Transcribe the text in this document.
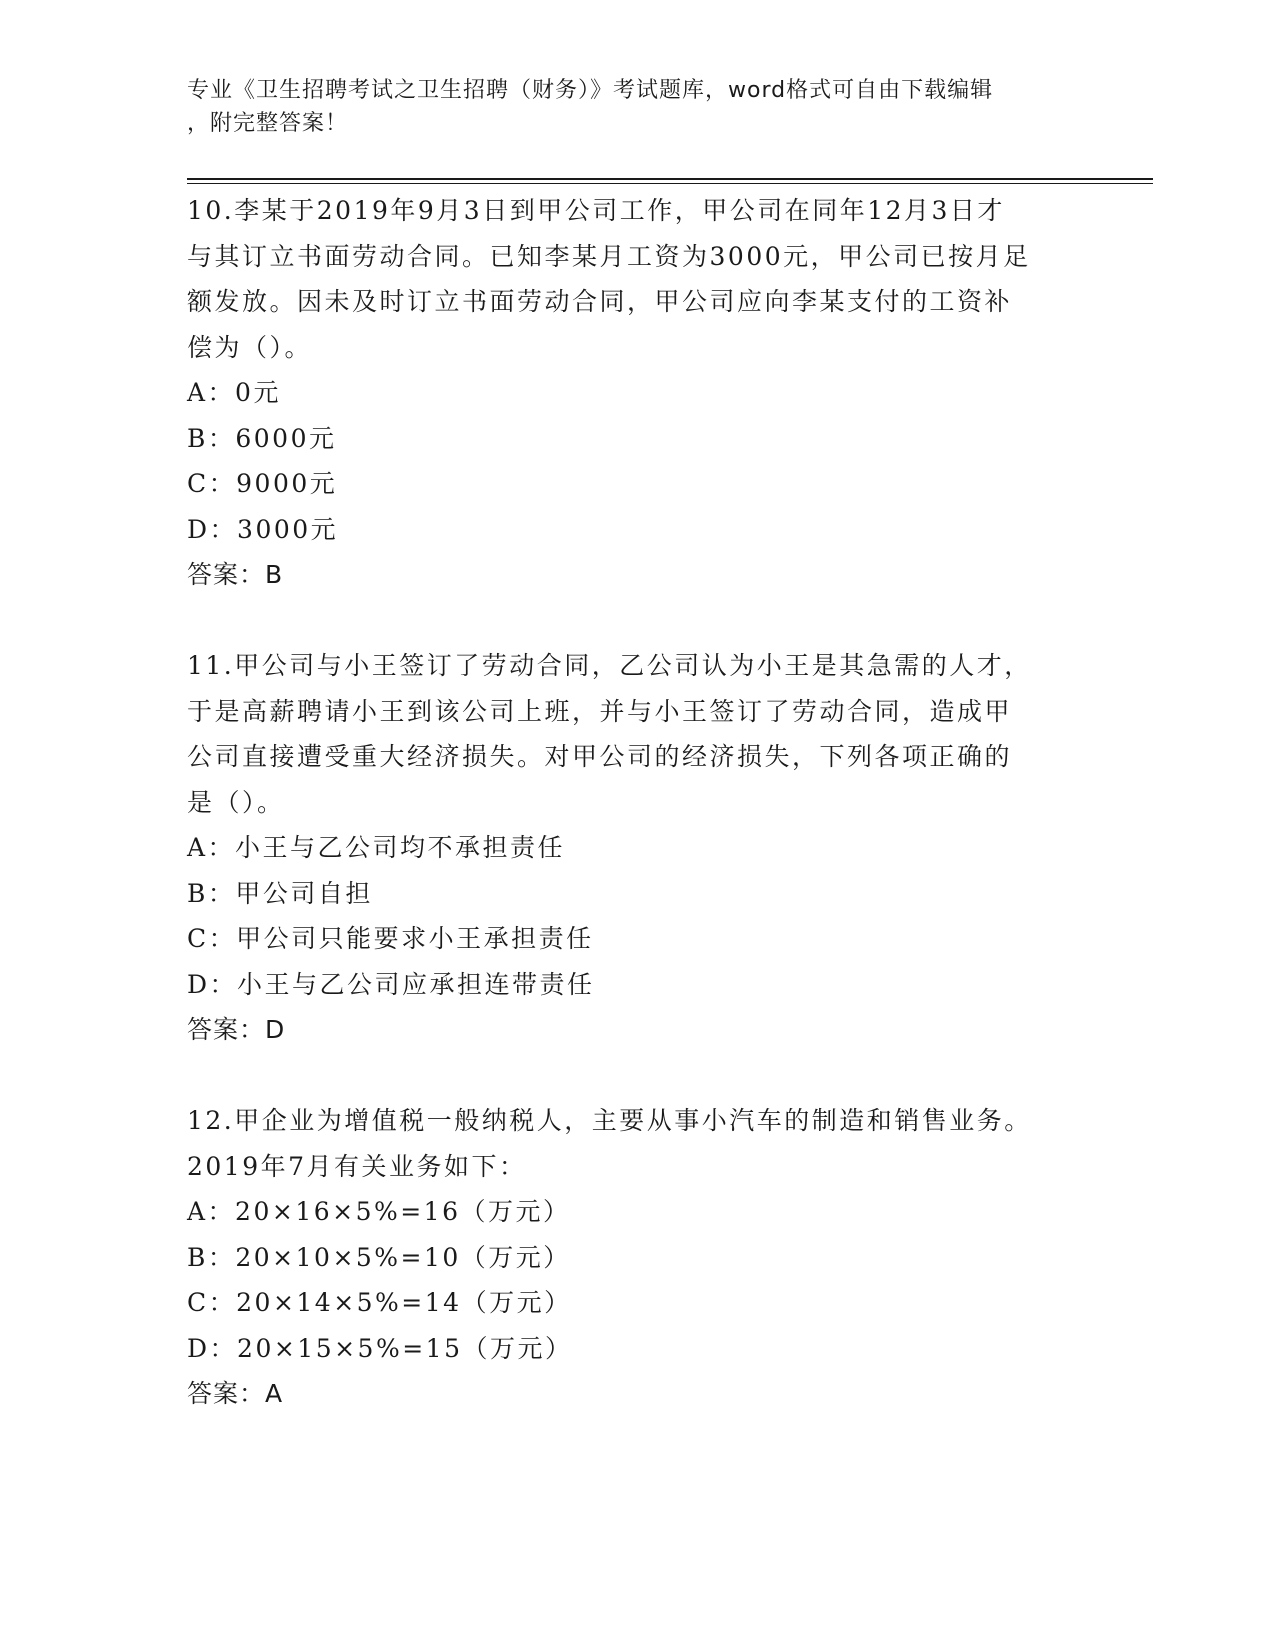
专业《卫生招聘考试之卫生招聘（财务）》考试题库，word格式可自由下载编辑
，附完整答案！

10.李某于2019年9月3日到甲公司工作，甲公司在同年12月3日才

与其订立书面劳动合同。已知李某月工资为3000元，甲公司已按月足

额发放。因未及时订立书面劳动合同，甲公司应向李某支付的工资补

偿为（）。

A：0元

B：6000元

C：9000元

D：3000元

答案：B

11.甲公司与小王签订了劳动合同，乙公司认为小王是其急需的人才，

于是高薪聘请小王到该公司上班，并与小王签订了劳动合同，造成甲

公司直接遭受重大经济损失。对甲公司的经济损失，下列各项正确的

是（）。

A：小王与乙公司均不承担责任

B：甲公司自担

C：甲公司只能要求小王承担责任

D：小王与乙公司应承担连带责任

答案：D

12.甲企业为增值税一般纳税人，主要从事小汽车的制造和销售业务。

2019年7月有关业务如下：

A：20×16×5%=16（万元）

B：20×10×5%=10（万元）

C：20×14×5%=14（万元）

D：20×15×5%=15（万元）

答案：A
